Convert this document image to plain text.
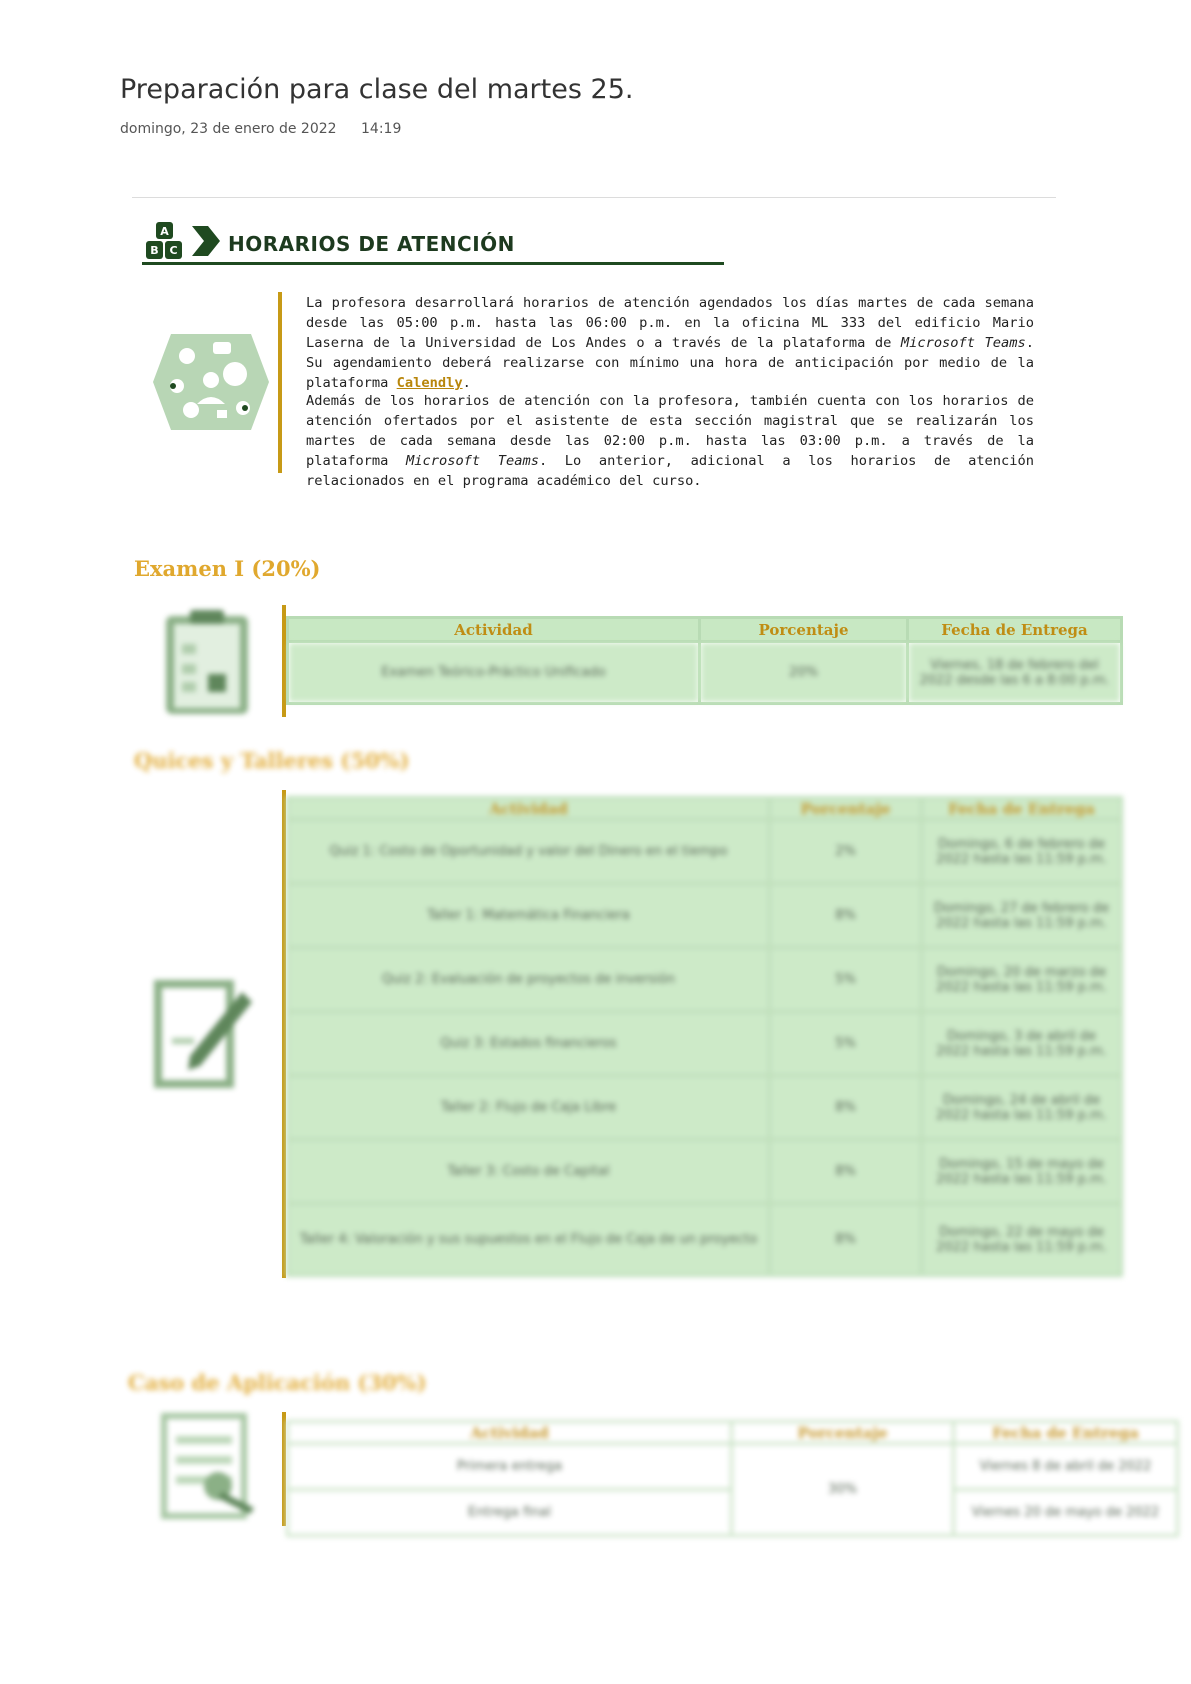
Preparación para clase del martes 25.
domingo, 23 de enero de 2022 14:19
A
B C	HORARIOS DE ATENCIÓN

La profesora desarrollará horarios de atención agendados los días martes de cada semana desde las 05:00 p.m. hasta las 06:00 p.m. en la oficina ML 333 del edificio Mario Laserna de la Universidad de Los Andes o a través de la plataforma de Microsoft Teams. Su agendamiento deberá realizarse con mínimo una hora de anticipación por medio de la plataforma Calendly.

Además de los horarios de atención con la profesora, también cuenta con los horarios de atención ofertados por el asistente de esta sección magistral que se realizarán los martes de cada semana desde las 02:00 p.m. hasta las 03:00 p.m. a través de la plataforma Microsoft Teams. Lo anterior, adicional a los horarios de atención relacionados en el programa académico del curso.

Examen I (20%)
Actividad	Porcentaje	Fecha de Entrega
Examen Teórico-Práctico Unificado	20%	Viernes, 18 de febrero del 2022 desde las 6 a 8:00 p.m.
Quices y Talleres (50%)
Actividad	Porcentaje	Fecha de Entrega
Quiz 1: Costo de Oportunidad y valor del Dinero en el tiempo	2%	Domingo, 6 de febrero de 2022 hasta las 11:59 p.m.
Taller 1: Matemática Financiera	8%	Domingo, 27 de febrero de 2022 hasta las 11:59 p.m.
Quiz 2: Evaluación de proyectos de inversión	5%	Domingo, 20 de marzo de 2022 hasta las 11:59 p.m.
Quiz 3: Estados financieros	5%	Domingo, 3 de abril de 2022 hasta las 11:59 p.m.
Taller 2: Flujo de Caja Libre	8%	Domingo, 24 de abril de 2022 hasta las 11:59 p.m.
Taller 3: Costo de Capital	8%	Domingo, 15 de mayo de 2022 hasta las 11:59 p.m.
Taller 4: Valoración y sus supuestos en el Flujo de Caja de un proyecto	8%	Domingo, 22 de mayo de 2022 hasta las 11:59 p.m.
Caso de Aplicación (30%)
Actividad	Porcentaje	Fecha de Entrega
Primera entrega	30%	Viernes 8 de abril de 2022
Entrega final		Viernes 20 de mayo de 2022
